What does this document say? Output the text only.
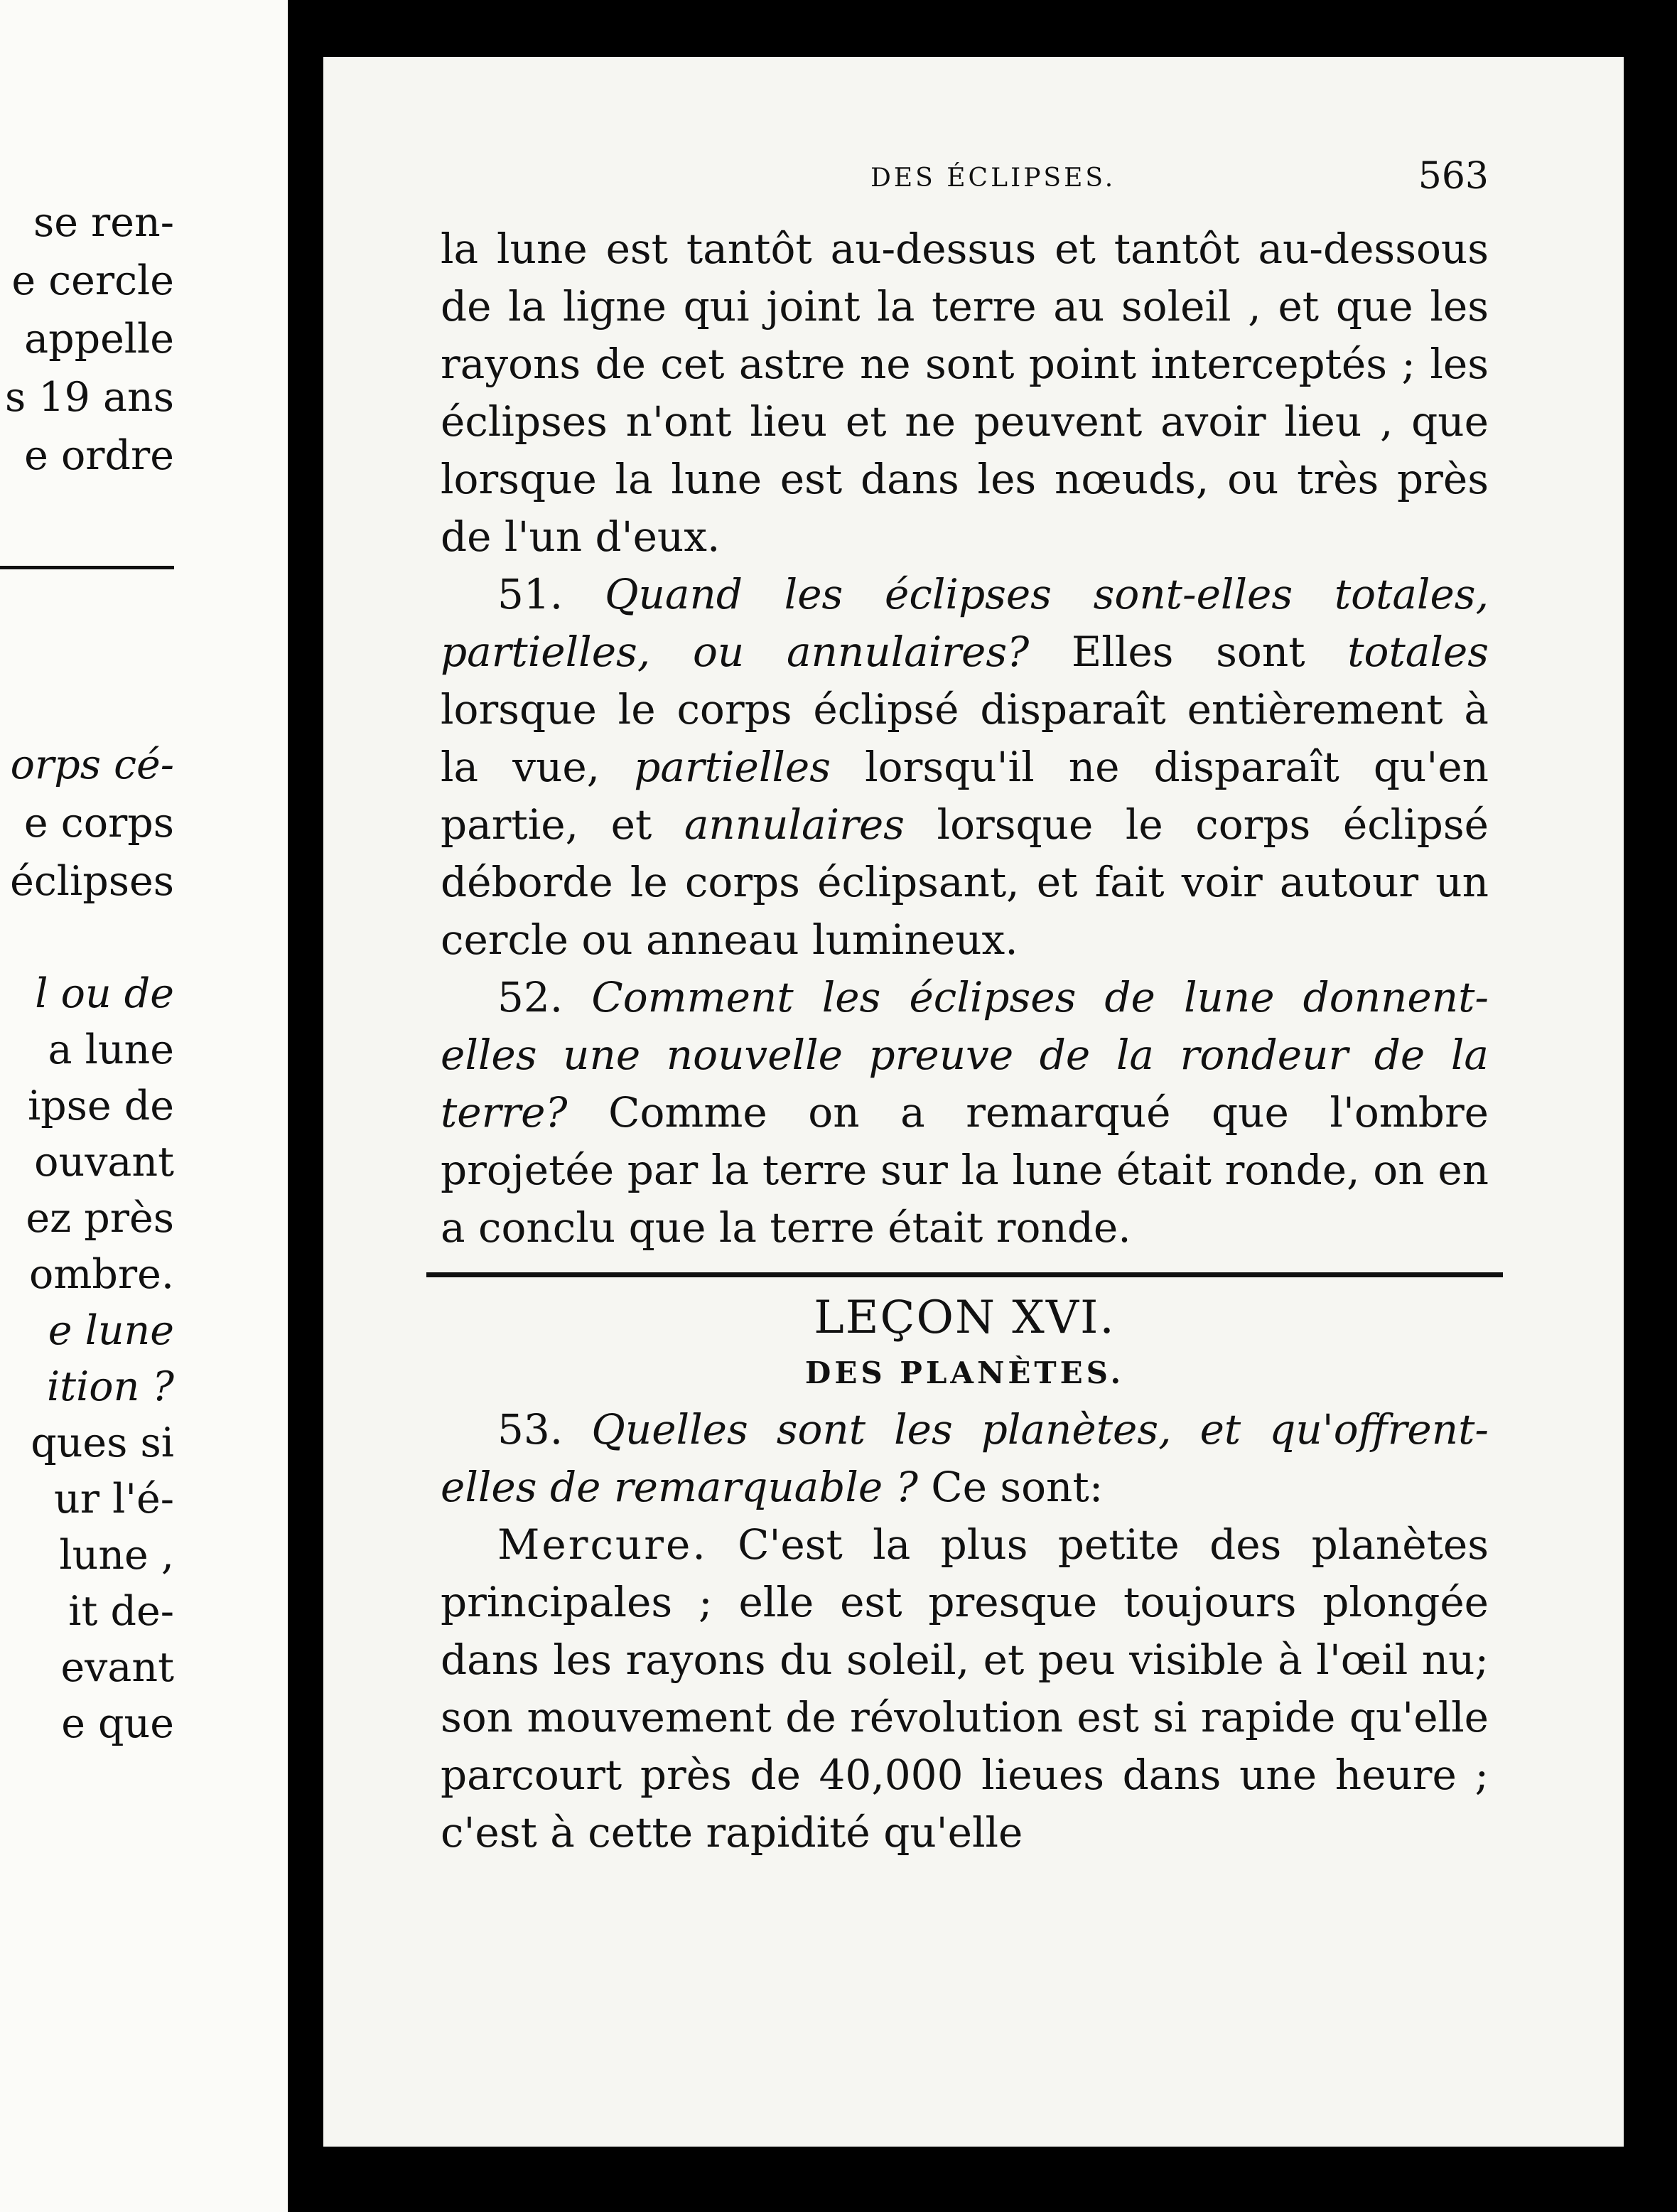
se ren-
e cercle
appelle
s 19 ans
e ordre
orps cé-
e corps
éclipses
l ou de
a lune
ipse de
ouvant
ez près
ombre.
e lune
ition ?
ques si
ur l'é-
lune ,
it de-
evant
e que
DES ÉCLIPSES.	563

la lune est tantôt au-dessus et tantôt au-dessous de la ligne qui joint la terre au soleil , et que les rayons de cet astre ne sont point interceptés ; les éclipses n'ont lieu et ne peuvent avoir lieu , que lorsque la lune est dans les nœuds, ou très près de l'un d'eux.

51. Quand les éclipses sont-elles totales, partielles, ou annulaires? Elles sont totales lorsque le corps éclipsé disparaît entièrement à la vue, partielles lorsqu'il ne disparaît qu'en partie, et annulaires lorsque le corps éclipsé déborde le corps éclipsant, et fait voir autour un cercle ou anneau lumineux.

52. Comment les éclipses de lune donnent-elles une nouvelle preuve de la rondeur de la terre? Comme on a remarqué que l'ombre projetée par la terre sur la lune était ronde, on en a conclu que la terre était ronde.

LEÇON XVI.
DES PLANÈTES.

53. Quelles sont les planètes, et qu'offrent-elles de remarquable ? Ce sont:

Mercure. C'est la plus petite des planètes principales ; elle est presque toujours plongée dans les rayons du soleil, et peu visible à l'œil nu; son mouvement de révolution est si rapide qu'elle parcourt près de 40,000 lieues dans une heure ; c'est à cette rapidité qu'elle
